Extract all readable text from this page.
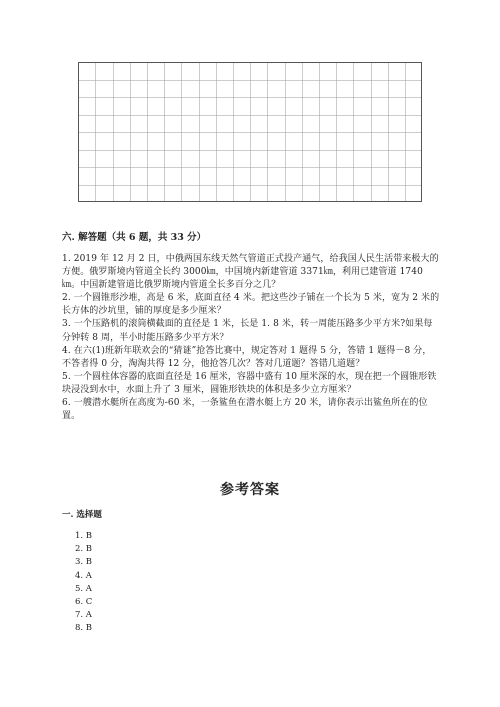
六. 解答题（共 6 题，共 33 分）

1. 2019 年 12 月 2 日，中俄两国东线天然气管道正式投产通气，给我国人民生活带来极大的方便。俄罗斯境内管道全长约 3000㎞，中国境内新建管道 3371㎞，利用已建管道 1740㎞。中国新建管道比俄罗斯境内管道全长多百分之几？

2. 一个圆锥形沙堆，高是 6 米，底面直径 4 米。把这些沙子铺在一个长为 5 米，宽为 2 米的长方体的沙坑里，铺的厚度是多少厘米？

3. 一个压路机的滚筒横截面的直径是 1 米，长是 1. 8 米，转一周能压路多少平方米?如果每分钟转 8 周，半小时能压路多少平方米？

4. 在六(1)班新年联欢会的“猜谜”抢答比赛中，规定答对 1 题得 5 分，答错 1 题得－8 分，不答者得 0 分，淘淘共得 12 分，他抢答几次？答对几道题？答错几道题？

5. 一个圆柱体容器的底面直径是 16 厘米，容器中盛有 10 厘米深的水，现在把一个圆锥形铁块浸没到水中，水面上升了 3 厘米，圆锥形铁块的体积是多少立方厘米？

6. 一艘潜水艇所在高度为-60 米，一条鲨鱼在潜水艇上方 20 米，请你表示出鲨鱼所在的位置。

参考答案
一. 选择题
1. B
2. B
3. B
4. A
5. A
6. C
7. A
8. B
